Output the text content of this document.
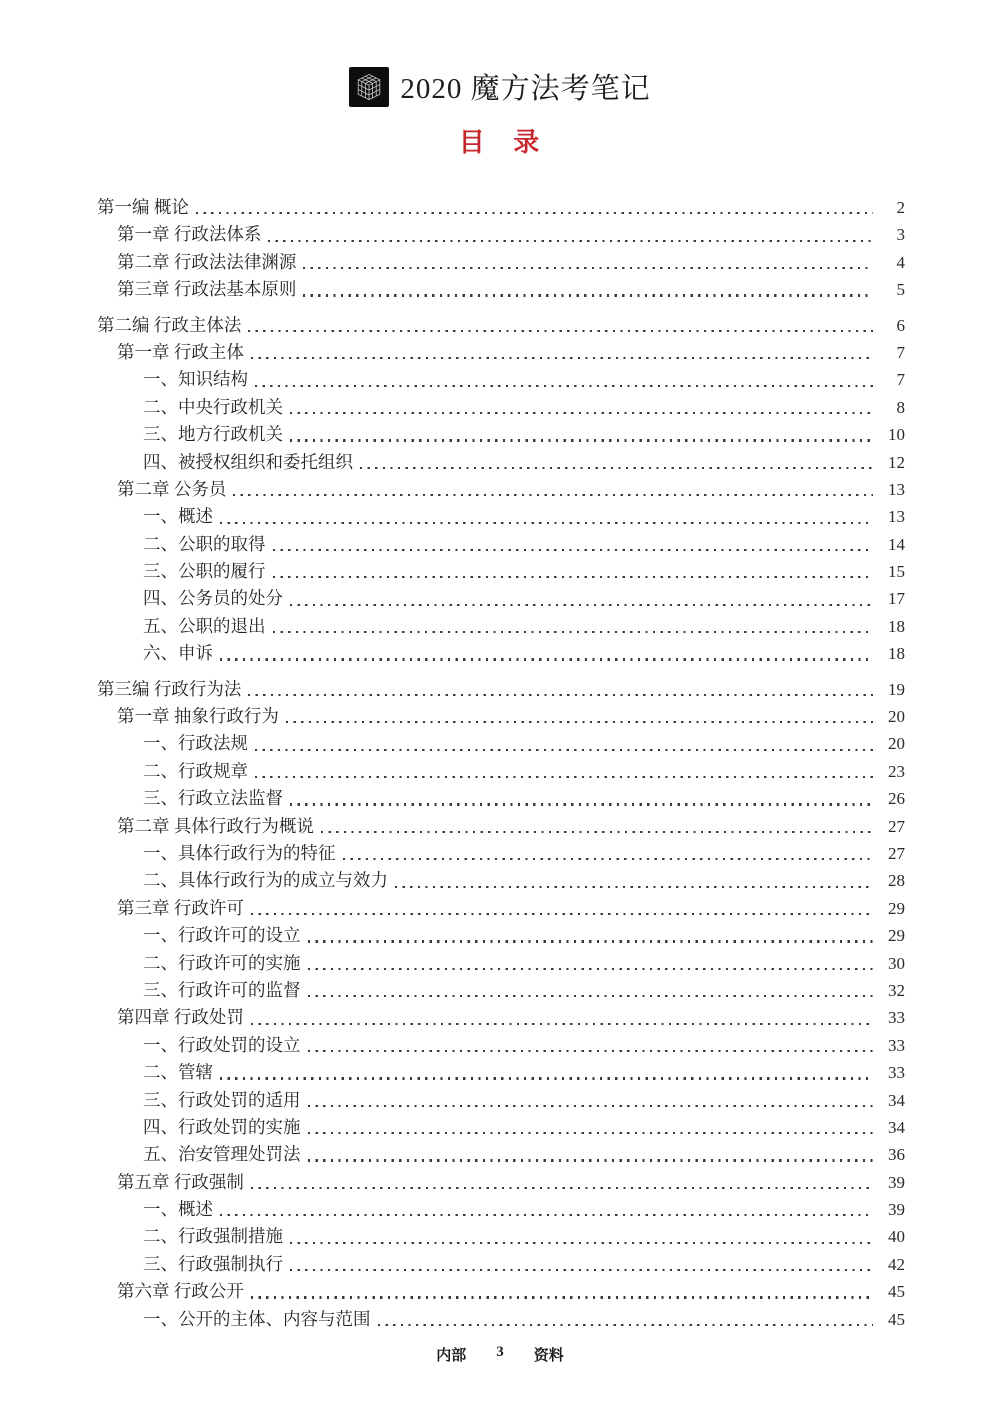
2020 魔方法考笔记
目 录
第一编 概论	2
第一章 行政法体系	3
第二章 行政法法律渊源	4
第三章 行政法基本原则	5
第二编 行政主体法	6
第一章 行政主体	7
一、知识结构	7
二、中央行政机关	8
三、地方行政机关	10
四、被授权组织和委托组织	12
第二章 公务员	13
一、概述	13
二、公职的取得	14
三、公职的履行	15
四、公务员的处分	17
五、公职的退出	18
六、申诉	18
第三编 行政行为法	19
第一章 抽象行政行为	20
一、行政法规	20
二、行政规章	23
三、行政立法监督	26
第二章 具体行政行为概说	27
一、具体行政行为的特征	27
二、具体行政行为的成立与效力	28
第三章 行政许可	29
一、行政许可的设立	29
二、行政许可的实施	30
三、行政许可的监督	32
第四章 行政处罚	33
一、行政处罚的设立	33
二、管辖	33
三、行政处罚的适用	34
四、行政处罚的实施	34
五、治安管理处罚法	36
第五章 行政强制	39
一、概述	39
二、行政强制措施	40
三、行政强制执行	42
第六章 行政公开	45
一、公开的主体、内容与范围	45
内部 3 资料
